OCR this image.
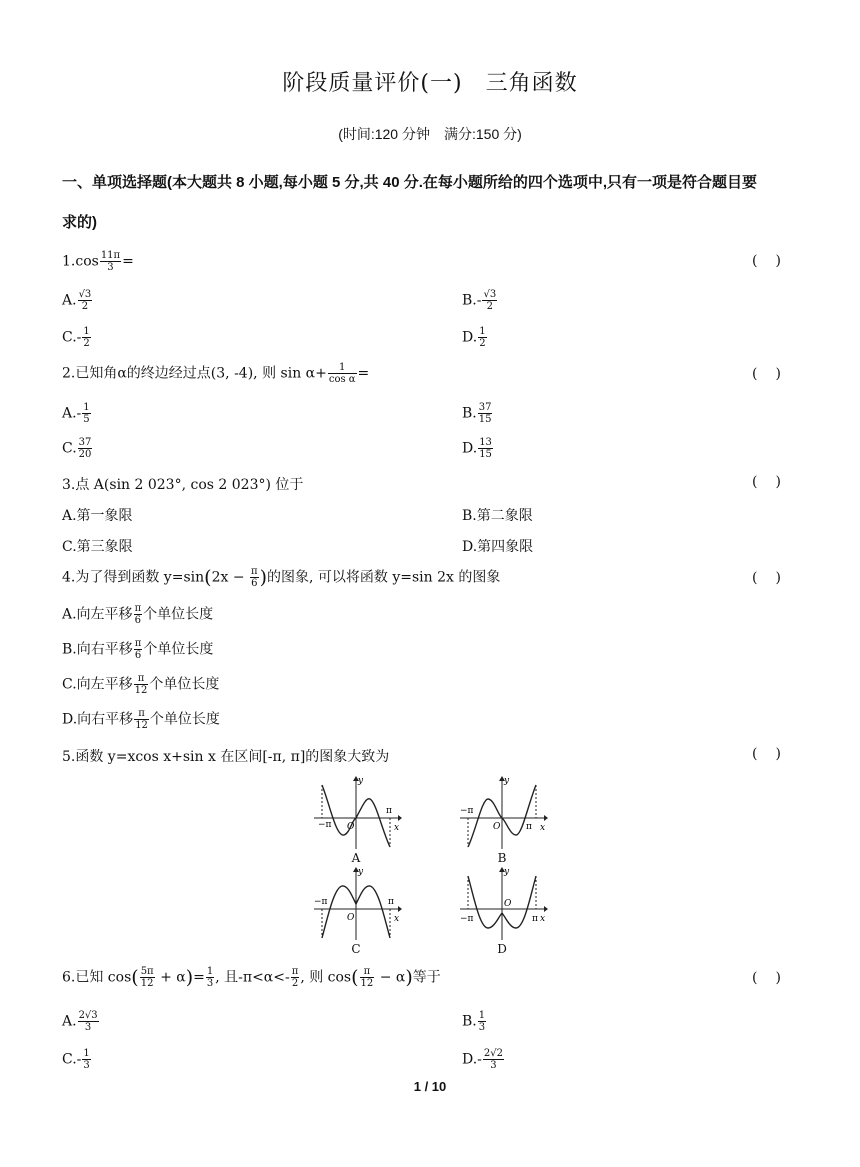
阶段质量评价(一)　三角函数
(时间:120 分钟　满分:150 分)
一、单项选择题(本大题共 8 小题,每小题 5 分,共 40 分.在每小题所给的四个选项中,只有一项是符合题目要
求的)
$1.\cos \frac{11\pi}{3}$ =	()
A. $\frac{√3}{2}$	$B.- \frac{√3}{2}$
$C.- \frac{1}{2}$	D. $\frac{1}{2}$
2.已知角α的终边经过点(3, -4), 则 $\sin \alpha+ \frac{1}{\text{cos α}}$ =	()
$A.- \frac{1}{5}$	B. $\frac{37}{15}$
C. $\frac{37}{20}$	D. $\frac{13}{15}$
3.点 A(sin 2 023°, cos 2 023°) 位于	()
A.第一象限	B.第二象限
C.第三象限	D.第四象限
4.为了得到函数 $y=\sin(2x - \frac{\pi}{6}$ )的图象, 可以将函数 y=sin 2x 的图象	()
A.向左平移 $\frac{\pi}{6}$ 个单位长度
B.向右平移 $\frac{\pi}{6}$ 个单位长度
C.向左平移 $\frac{\pi}{12}$ 个单位长度
D.向右平移 $\frac{\pi}{12}$ 个单位长度
5.函数 y=xcos x+sin x 在区间[-π, π]的图象大致为	()
−π
π
y
x
O
A
−π
π
y
x
O
B
−π	π
y
x
O
C
−π	π
y
x
O
D
6.已知 $\cos( \frac{5\pi}{12} + \alpha)= \frac{1}{3}$ , 且$-\pi<\alpha<- \frac{\pi}{2}$ , 则 $\cos( \frac{\pi}{12} - \alpha)$等于	()
A. $\frac{2√3}{3}$	B. $\frac{1}{3}$
$C.- \frac{1}{3}$	$D.- \frac{2√2}{3}$
1 / 10
